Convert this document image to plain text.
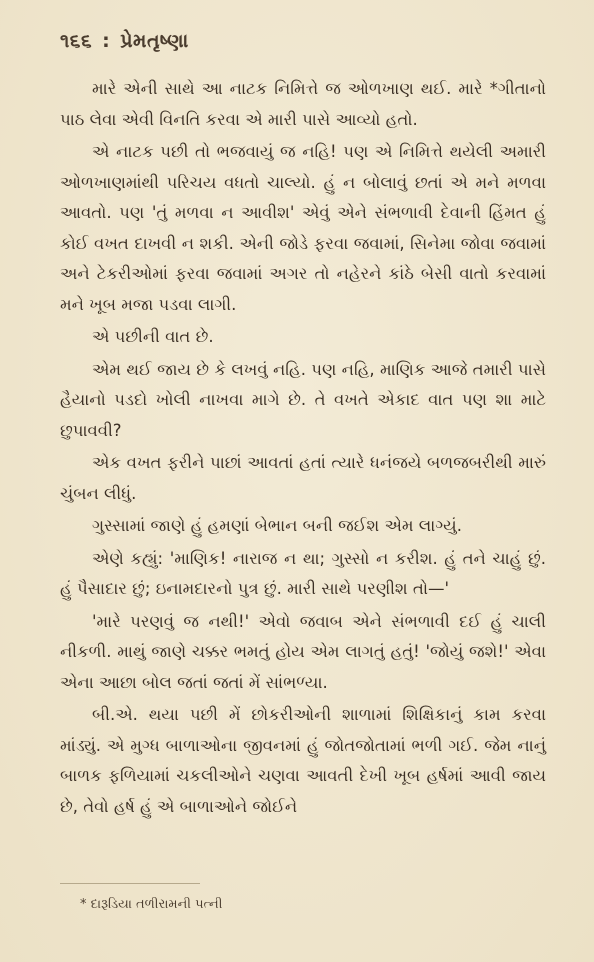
૧૬૬ : પ્રેમતૃષ્ણા

મારે એની સાથે આ નાટક નિમિત્તે જ ઓળખાણ થઈ. મારે *ગીતાનો પાઠ લેવા એવી વિનતિ કરવા એ મારી પાસે આવ્યો હતો.

એ નાટક પછી તો ભજવાયું જ નહિ! પણ એ નિમિત્તે થયેલી અમારી ઓળખાણમાંથી પરિચય વધતો ચાલ્યો. હું ન બોલાવું છતાં એ મને મળવા આવતો. પણ 'તું મળવા ન આવીશ' એવું એને સંભળાવી દેવાની હિંમત હું કોઈ વખત દાખવી ન શકી. એની જોડે ફરવા જવામાં, સિનેમા જોવા જવામાં અને ટેકરીઓમાં ફરવા જવામાં અગર તો નહેરને કાંઠે બેસી વાતો કરવામાં મને ખૂબ મજા પડવા લાગી.

એ પછીની વાત છે.

એમ થઈ જાય છે કે લખવું નહિ. પણ નહિ, માણિક આજે તમારી પાસે હૈયાનો પડદો ખોલી નાખવા માગે છે. તે વખતે એકાદ વાત પણ શા માટે છુપાવવી?

એક વખત ફરીને પાછાં આવતાં હતાં ત્યારે ધનંજયે બળજબરીથી મારું ચુંબન લીધું.

ગુસ્સામાં જાણે હું હમણાં બેભાન બની જઈશ એમ લાગ્યું.

એણે કહ્યું: 'માણિક! નારાજ ન થા; ગુસ્સો ન કરીશ. હું તને ચાહું છું. હું પૈસાદાર છું; ઇનામદારનો પુત્ર છું. મારી સાથે પરણીશ તો—'

'મારે પરણવું જ નથી!' એવો જવાબ એને સંભળાવી દઈ હું ચાલી નીકળી. માથું જાણે ચક્કર ભમતું હોય એમ લાગતું હતું! 'જોયું જશે!' એવા એના આછા બોલ જતાં જતાં મેં સાંભળ્યા.

બી.એ. થયા પછી મેં છોકરીઓની શાળામાં શિક્ષિકાનું કામ કરવા માંડ્યું. એ મુગ્ધ બાળાઓના જીવનમાં હું જોતજોતામાં ભળી ગઈ. જેમ નાનું બાળક ફળિયામાં ચકલીઓને ચણવા આવતી દેખી ખૂબ હર્ષમાં આવી જાય છે, તેવો હર્ષ હું એ બાળાઓને જોઈને

* દારૂડિયા તળીરામની પત્ની
